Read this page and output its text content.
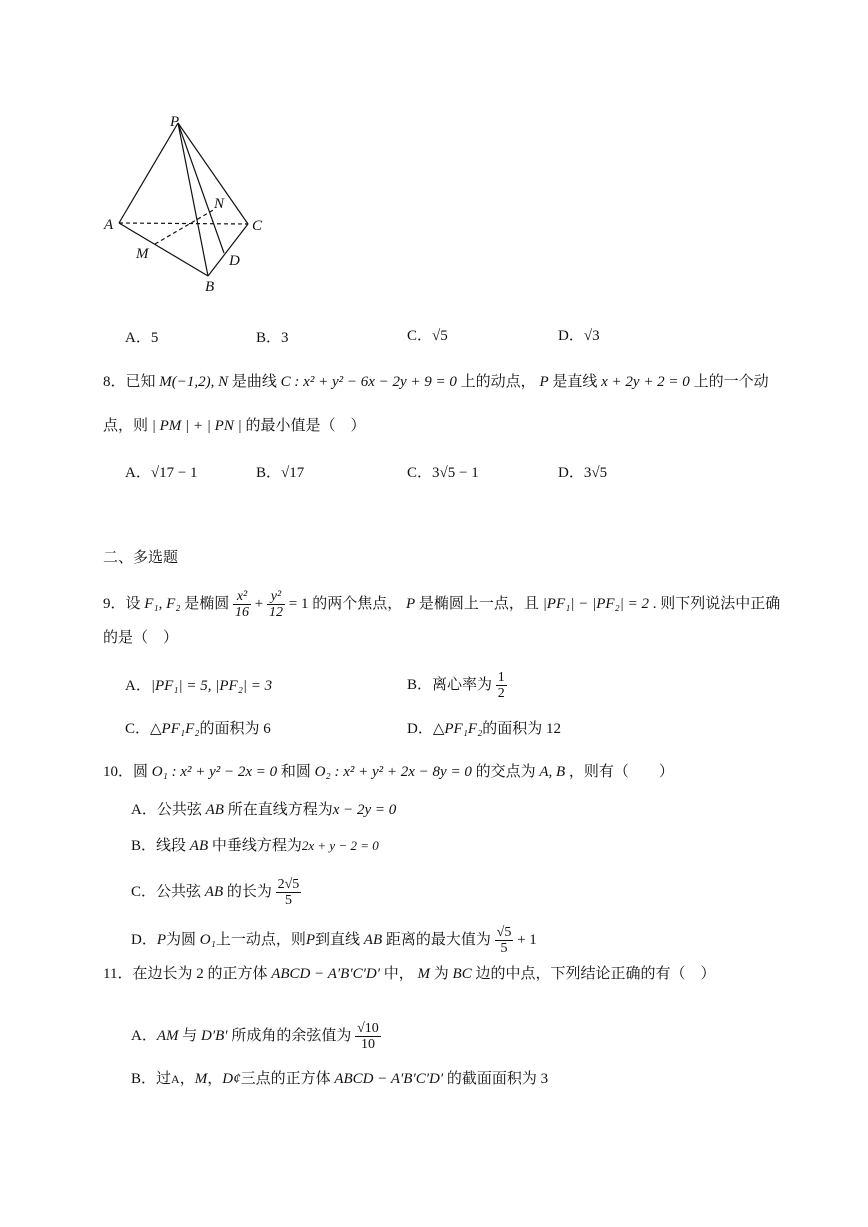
P
A	C
N
M	D
B
A．5	B．3	C．√5	D．√3
8．已知 M(−1,2), N 是曲线 C : x² + y² − 6x − 2y + 9 = 0 上的动点， P 是直线 x + 2y + 2 = 0 上的一个动
点，则 | PM | + | PN | 的最小值是（　）
A．√17 − 1	B．√17	C．3√5 − 1	D．3√5
二、多选题
9．设 F₁, F₂ 是椭圆 $\frac{\text{x²}}{16} + \frac{\text{y²}}{12} = 1$ 的两个焦点， P 是椭圆上一点，且 |PF₁| − |PF₂| = 2 . 则下列说法中正确
的是（　）
A．|PF₁| = 5, |PF₂| = 3	B．离心率为 $\frac{1}{2}$
C．△PF₁F₂的面积为 6	D．△PF₁F₂的面积为 12
10．圆 O₁ : x² + y² − 2x = 0 和圆 O₂ : x² + y² + 2x − 8y = 0 的交点为 A, B ，则有（　　）
A．公共弦 AB 所在直线方程为x − 2y = 0
B．线段 AB 中垂线方程为2x + y − 2 = 0
C．公共弦 AB 的长为 $\frac{2√5}{5}$
D．P为圆 O₁上一动点，则P到直线 AB 距离的最大值为 $\frac{√5}{5} + 1$
11．在边长为 2 的正方体 ABCD − A′B′C′D′ 中， M 为 BC 边的中点，下列结论正确的有（　）
A．AM 与 D′B′ 所成角的余弦值为 $\frac{√10}{10}$
B．过A，M，D¢三点的正方体 ABCD − A′B′C′D′ 的截面面积为 3
